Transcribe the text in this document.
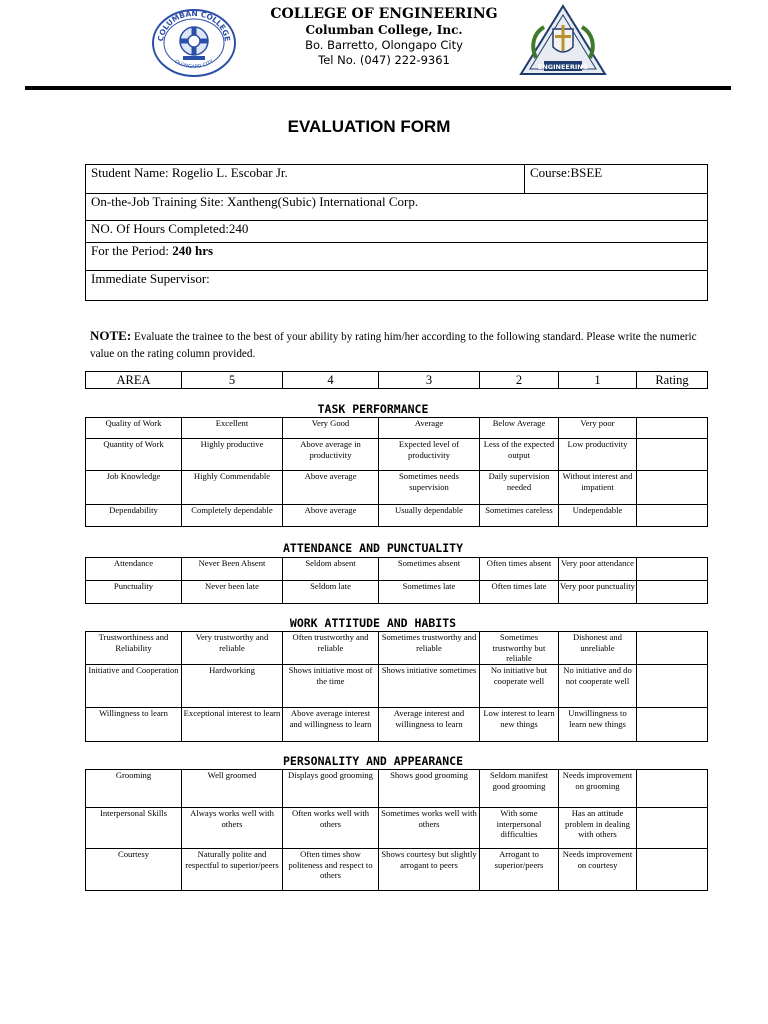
COLUMBAN COLLEGE
OLONGAPO CITY
COLLEGE OF ENGINEERING
Columban College, Inc.
Bo. Barretto, Olongapo City
Tel No. (047) 222-9361	ENGINEERING
EVALUATION FORM
Student Name: Rogelio L. Escobar Jr.	Course:BSEE
On-the-Job Training Site: Xantheng(Subic) International Corp.
NO. Of Hours Completed:240
For the Period: 240 hrs
Immediate Supervisor:
NOTE: Evaluate the trainee to the best of your ability by rating him/her according to the following standard. Please write the numeric value on the rating column provided.
AREA	5	4	3	2	1	Rating
TASK PERFORMANCE
Quality of Work	Excellent	Very Good	Average	Below Average	Very poor	
Quantity of Work	Highly productive	Above average in productivity	Expected level of productivity	Less of the expected output	Low productivity	
Job Knowledge	Highly Commendable	Above average	Sometimes needs supervision	Daily supervision needed	Without interest and impatient	
Dependability	Completely dependable	Above average	Usually dependable	Sometimes careless	Undependable	
ATTENDANCE AND PUNCTUALITY
Attendance	Never Been Absent	Seldom absent	Sometimes absent	Often times absent	Very poor attendance	
Punctuality	Never been late	Seldom late	Sometimes late	Often times late	Very poor punctuality	
WORK ATTITUDE AND HABITS
Trustworthiness and Reliability	Very trustworthy and reliable	Often trustworthy and reliable	Sometimes trustworthy and reliable	Sometimes trustworthy but reliable	Dishonest and unreliable	
Initiative and Cooperation	Hardworking	Shows initiative most of the time	Shows initiative sometimes	No initiative but cooperate well	No initiative and do not cooperate well	
Willingness to learn	Exceptional interest to learn	Above average interest and willingness to learn	Average interest and willingness to learn	Low interest to learn new things	Unwillingness to learn new things	
PERSONALITY AND APPEARANCE
Grooming	Well groomed	Displays good grooming	Shows good grooming	Seldom manifest good grooming	Needs improvement on grooming	
Interpersonal Skills	Always works well with others	Often works well with others	Sometimes works well with others	With some interpersonal difficulties	Has an attitude problem in dealing with others	
Courtesy	Naturally polite and respectful to superior/peers	Often times show politeness and respect to others	Shows courtesy but slightly arrogant to peers	Arrogant to superior/peers	Needs improvement on courtesy	
